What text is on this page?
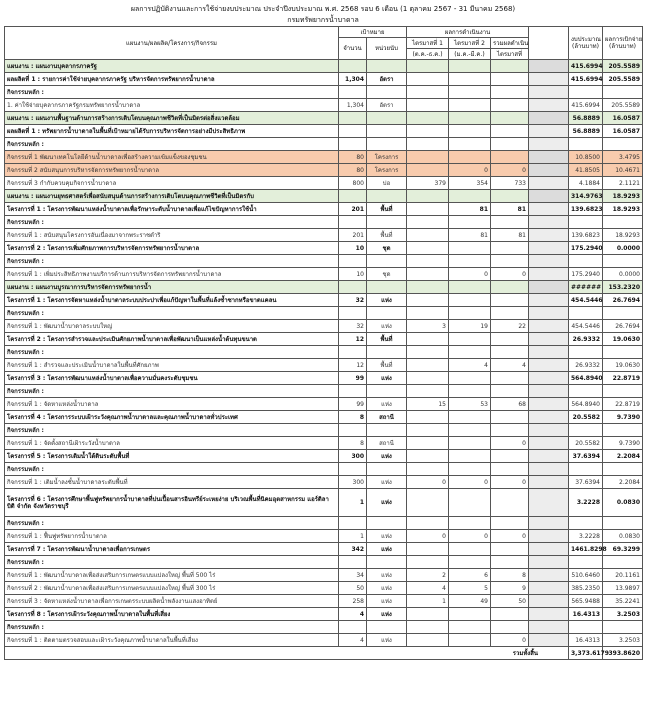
ผลการปฏิบัติงานและการใช้จ่ายงบประมาณ ประจำปีงบประมาณ พ.ศ. 2568 รอบ 6 เดือน (1 ตุลาคม 2567 - 31 มีนาคม 2568)
กรมทรัพยากรน้ำบาดาล
แผนงาน/ผลผลิต/โครงการ/กิจกรรม	เป้าหมาย		ผลการดำเนินงาน				งบประมาณ
(ล้านบาท)	ผลการเบิกจ่าย
(ล้านบาท)
	จำนวน	หน่วยนับ	ไตรมาสที่ 1	ไตรมาสที่ 2	รวมผลดำเนิน			
			(ต.ค.-ธ.ค.)	(ม.ค.-มี.ค.)	ไตรมาสที่			
แผนงาน : แผนงานบุคลากรภาครัฐ							415.6994	205.5589
ผลผลิตที่ 1 : รายการค่าใช้จ่ายบุคลากรภาครัฐ บริหารจัดการทรัพยากรน้ำบาดาล	1,304	อัตรา					415.6994	205.5589
กิจกรรมหลัก :								
1. ค่าใช้จ่ายบุคลากรภาครัฐกรมทรัพยากรน้ำบาดาล	1,304	อัตรา					415.6994	205.5589
แผนงาน : แผนงานพื้นฐานด้านการสร้างการเติบโตบนคุณภาพชีวิตที่เป็นมิตรต่อสิ่งแวดล้อม							56.8889	16.0587
ผลผลิตที่ 1 : ทรัพยากรน้ำบาดาลในพื้นที่เป้าหมายได้รับการบริหารจัดการอย่างมีประสิทธิภาพ							56.8889	16.0587
กิจกรรมหลัก :								
กิจกรรมที่ 1 พัฒนาเทคโนโลยีด้านน้ำบาดาลเพื่อสร้างความเข้มแข็งของชุมชน	80	โครงการ					10.8500	3.4795
กิจกรรมที่ 2 สนับสนุนการบริหารจัดการทรัพยากรน้ำบาดาล	80	โครงการ		0	0		41.8505	10.4671
กิจกรรมที่ 3 กำกับควบคุมกิจการน้ำบาดาล	800	บ่อ	379	354	733		4.1884	2.1121
แผนงาน : แผนงานยุทธศาสตร์เพื่อสนับสนุนด้านการสร้างการเติบโตบนคุณภาพชีวิตที่เป็นมิตรกับ							314.9763	18.9293
โครงการที่ 1 : โครงการพัฒนาแหล่งน้ำบาดาลเพื่อรักษาระดับน้ำบาดาลเพื่อแก้ไขปัญหาการใช้น้ำ	201	พื้นที่		81	81		139.6823	18.9293
กิจกรรมหลัก :								
กิจกรรมที่ 1 : สนับสนุนโครงการอันเนื่องมาจากพระราชดำริ	201	พื้นที่		81	81		139.6823	18.9293
โครงการที่ 2 : โครงการเพิ่มศักยภาพการบริหารจัดการทรัพยากรน้ำบาดาล	10	ชุด					175.2940	0.0000
กิจกรรมหลัก :								
กิจกรรมที่ 1 : เพิ่มประสิทธิภาพงานบริการด้านการบริหารจัดการทรัพยากรน้ำบาดาล	10	ชุด		0	0		175.2940	0.0000
แผนงาน : แผนงานบูรณาการบริหารจัดการทรัพยากรน้ำ							######	153.2320
โครงการที่ 1 : โครงการจัดหาแหล่งน้ำบาดาลระบบประปาเพื่อแก้ปัญหาในพื้นที่แล้งซ้ำซากหรือขาดแคลน	32	แห่ง					454.5446	26.7694
กิจกรรมหลัก :								
กิจกรรมที่ 1 : พัฒนาน้ำบาดาลระบบใหญ่	32	แห่ง	3	19	22		454.5446	26.7694
โครงการที่ 2 : โครงการสำรวจและประเมินศักยภาพน้ำบาดาลเพื่อพัฒนาเป็นแหล่งน้ำต้นทุนขนาด	12	พื้นที่					26.9332	19.0630
กิจกรรมหลัก :								
กิจกรรมที่ 1 : สำรวจและประเมินน้ำบาดาลในพื้นที่ศักยภาพ	12	พื้นที่		4	4		26.9332	19.0630
โครงการที่ 3 : โครงการพัฒนาแหล่งน้ำบาดาลเพื่อความมั่นคงระดับชุมชน	99	แห่ง					564.8940	22.8719
กิจกรรมหลัก :								
กิจกรรมที่ 1 : จัดหาแหล่งน้ำบาดาล	99	แห่ง	15	53	68		564.8940	22.8719
โครงการที่ 4 : โครงการระบบเฝ้าระวังคุณภาพน้ำบาดาลและคุณภาพน้ำบาดาลทั่วประเทศ	8	สถานี					20.5582	9.7390
กิจกรรมหลัก :								
กิจกรรมที่ 1 : จัดตั้งสถานีเฝ้าระวังน้ำบาดาล	8	สถานี			0		20.5582	9.7390
โครงการที่ 5 : โครงการเติมน้ำใต้ดินระดับพื้นที่	300	แห่ง					37.6394	2.2084
กิจกรรมหลัก :								
กิจกรรมที่ 1 : เติมน้ำลงชั้นน้ำบาดาลระดับพื้นที่	300	แห่ง	0	0	0		37.6394	2.2084
โครงการที่ 6 : โครงการศึกษาพื้นฟูทรัพยากรน้ำบาดาลที่ปนเปื้อนสารอินทรีย์ระเหยง่าย บริเวณพื้นที่นิคมอุตสาหกรรม แอร์ดิลาบิดิ จำกัด จังหวัดราชบุรี	1	แห่ง					3.2228	0.0830
กิจกรรมหลัก :								
กิจกรรมที่ 1 : ฟื้นฟูทรัพยากรน้ำบาดาล	1	แห่ง	0	0	0		3.2228	0.0830
โครงการที่ 7 : โครงการพัฒนาน้ำบาดาลเพื่อการเกษตร	342	แห่ง					1461.8298	69.3299
กิจกรรมหลัก :								
กิจกรรมที่ 1 : พัฒนาน้ำบาดาลเพื่อส่งเสริมการเกษตรแบบแปลงใหญ่ พื้นที่ 500 ไร่	34	แห่ง	2	6	8		510.6460	20.1161
กิจกรรมที่ 2 : พัฒนาน้ำบาดาลเพื่อส่งเสริมการเกษตรแบบแปลงใหญ่ พื้นที่ 300 ไร่	50	แห่ง	4	5	9		385.2350	13.9897
กิจกรรมที่ 3 : จัดหาแหล่งน้ำบาดาลเพื่อการเกษตรระบบผลิตน้ำพลังงานแสงอาทิตย์	258	แห่ง	1	49	50		565.9488	35.2241
โครงการที่ 8 : โครงการเฝ้าระวังคุณภาพน้ำบาดาลในพื้นที่เสี่ยง	4	แห่ง					16.4313	3.2503
กิจกรรมหลัก :								
กิจกรรมที่ 1 : ติดตามตรวจสอบและเฝ้าระวังคุณภาพน้ำบาดาลในพื้นที่เสี่ยง	4	แห่ง			0		16.4313	3.2503
รวมทั้งสิ้น							3,373.6179	393.8620
